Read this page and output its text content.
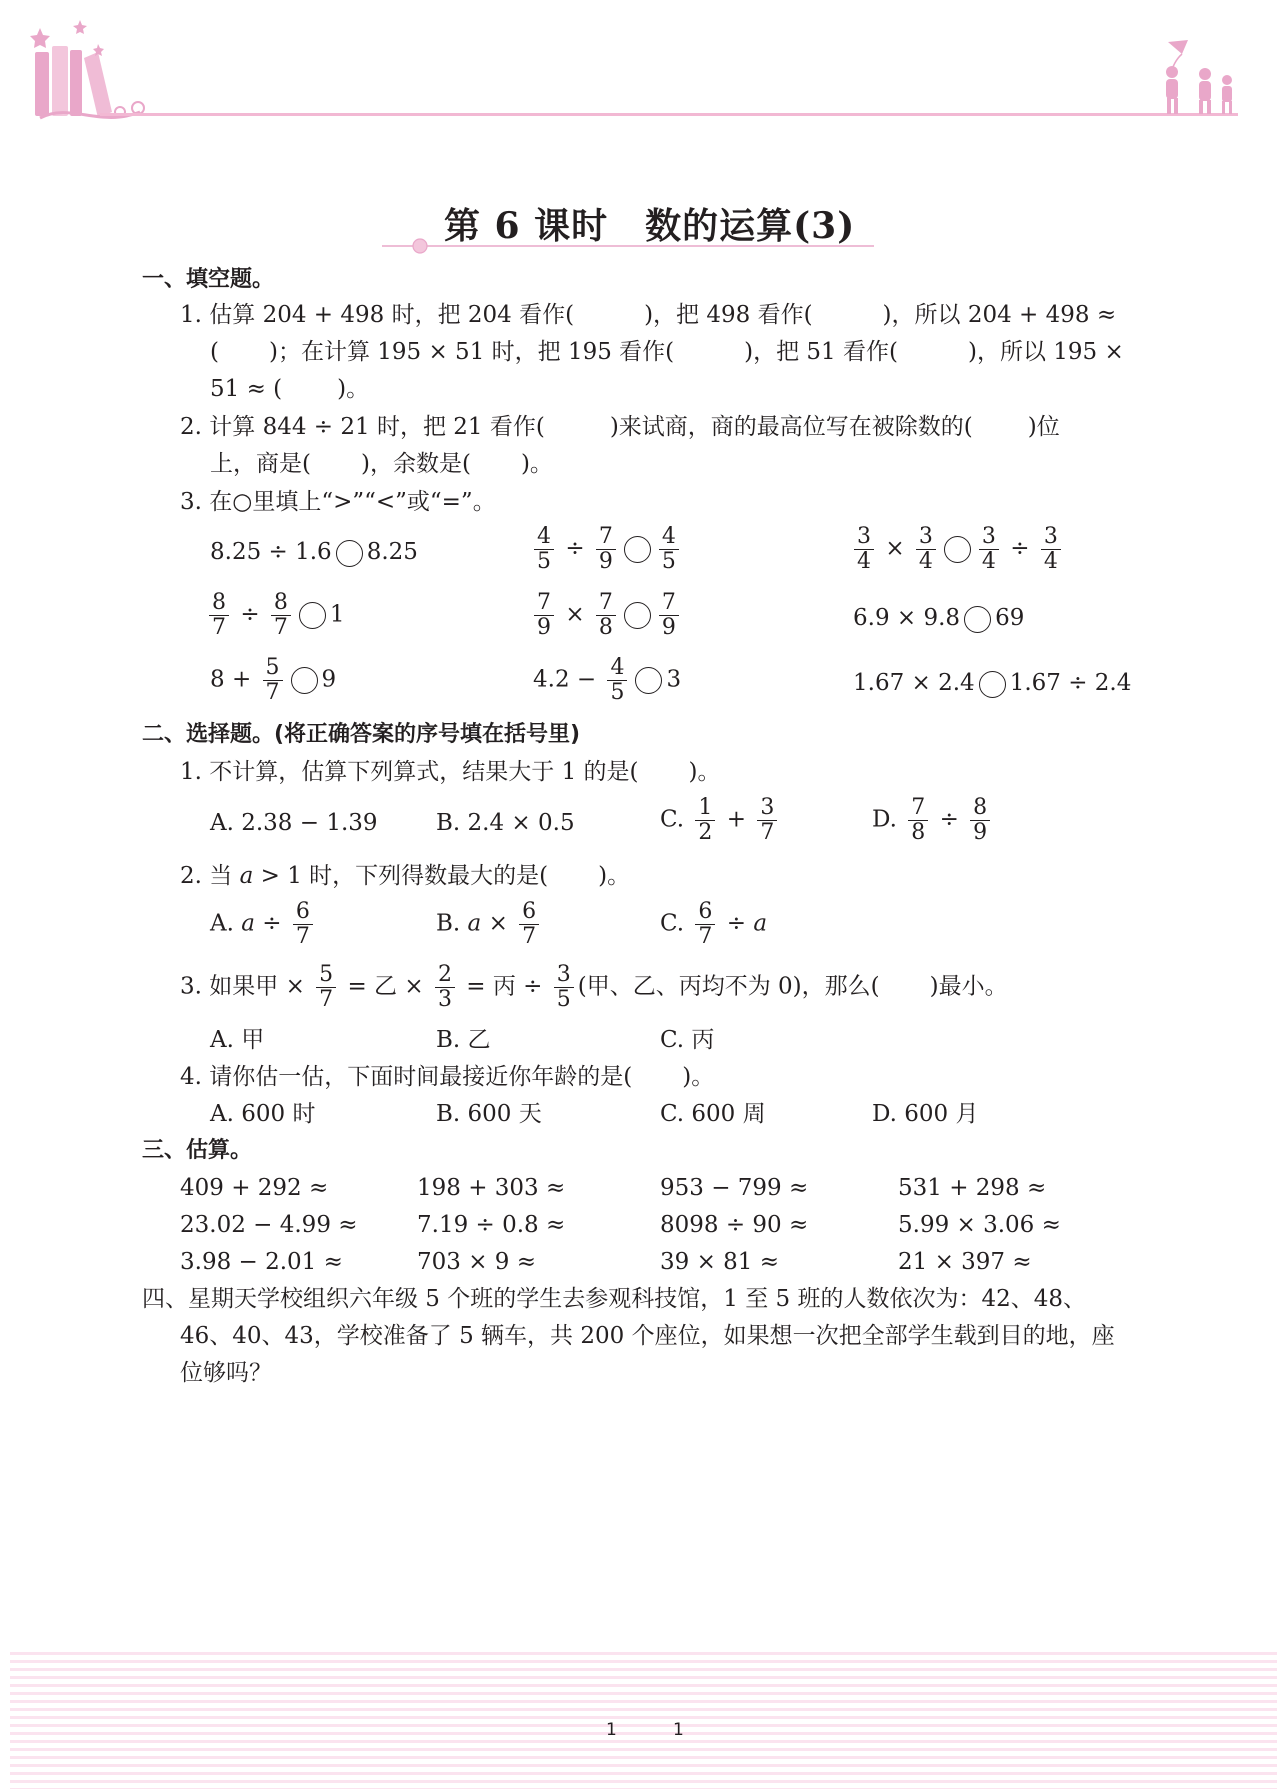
第 6 课时　数的运算(3)
一、填空题。
1. 估算 204 + 498 时，把 204 看作(	)，把 498 看作(	)，所以 204 + 498 ≈
( )；在计算 195 × 51 时，把 195 看作(	)，把 51 看作(	)，所以 195 ×
51 ≈ ( )。
2. 计算 844 ÷ 21 时，把 21 看作(	)来试商，商的最高位写在被除数的( )位
上，商是( )，余数是( )。
3. 在○里填上“>”“<”或“=”。
8.25 ÷ 1.6 8.25	$\frac{4}{5} \div \frac{7}{9} \frac{4}{5}$	$\frac{3}{4} \times \frac{3}{4} \frac{3}{4} \div \frac{3}{4}$
$\frac{8}{7} \div \frac{8}{7} 1$	$\frac{7}{9} \times \frac{7}{8} \frac{7}{9}$	6.9 × 9.8 69
$8 + \frac{5}{7} 9$	$4.2 - \frac{4}{5} 3$	1.67 × 2.4 1.67 ÷ 2.4
二、选择题。(将正确答案的序号填在括号里)
1. 不计算，估算下列算式，结果大于 1 的是( )。
A. 2.38 − 1.39	B. 2.4 × 0.5	C. $\frac{1}{2} + \frac{3}{7}$	D. $\frac{7}{8} \div \frac{8}{9}$
2. 当 a > 1 时，下列得数最大的是( )。
A. $a \div \frac{6}{7}$	B. $a \times \frac{6}{7}$	C. $\frac{6}{7} \div a$
3. 如果甲 × $\frac{5}{7}$ = 乙 × $\frac{2}{3}$ = 丙 ÷ $\frac{3}{5}$ (甲、乙、丙均不为 0)，那么( )最小。
A. 甲	B. 乙	C. 丙
4. 请你估一估，下面时间最接近你年龄的是( )。
A. 600 时	B. 600 天	C. 600 周	D. 600 月
三、估算。
409 + 292 ≈	198 + 303 ≈	953 − 799 ≈	531 + 298 ≈
23.02 − 4.99 ≈	7.19 ÷ 0.8 ≈	8098 ÷ 90 ≈	5.99 × 3.06 ≈
3.98 − 2.01 ≈	703 × 9 ≈	39 × 81 ≈	21 × 397 ≈
四、星期天学校组织六年级 5 个班的学生去参观科技馆，1 至 5 班的人数依次为：42、48、
46、40、43，学校准备了 5 辆车，共 200 个座位，如果想一次把全部学生载到目的地，座
位够吗？
1	1
